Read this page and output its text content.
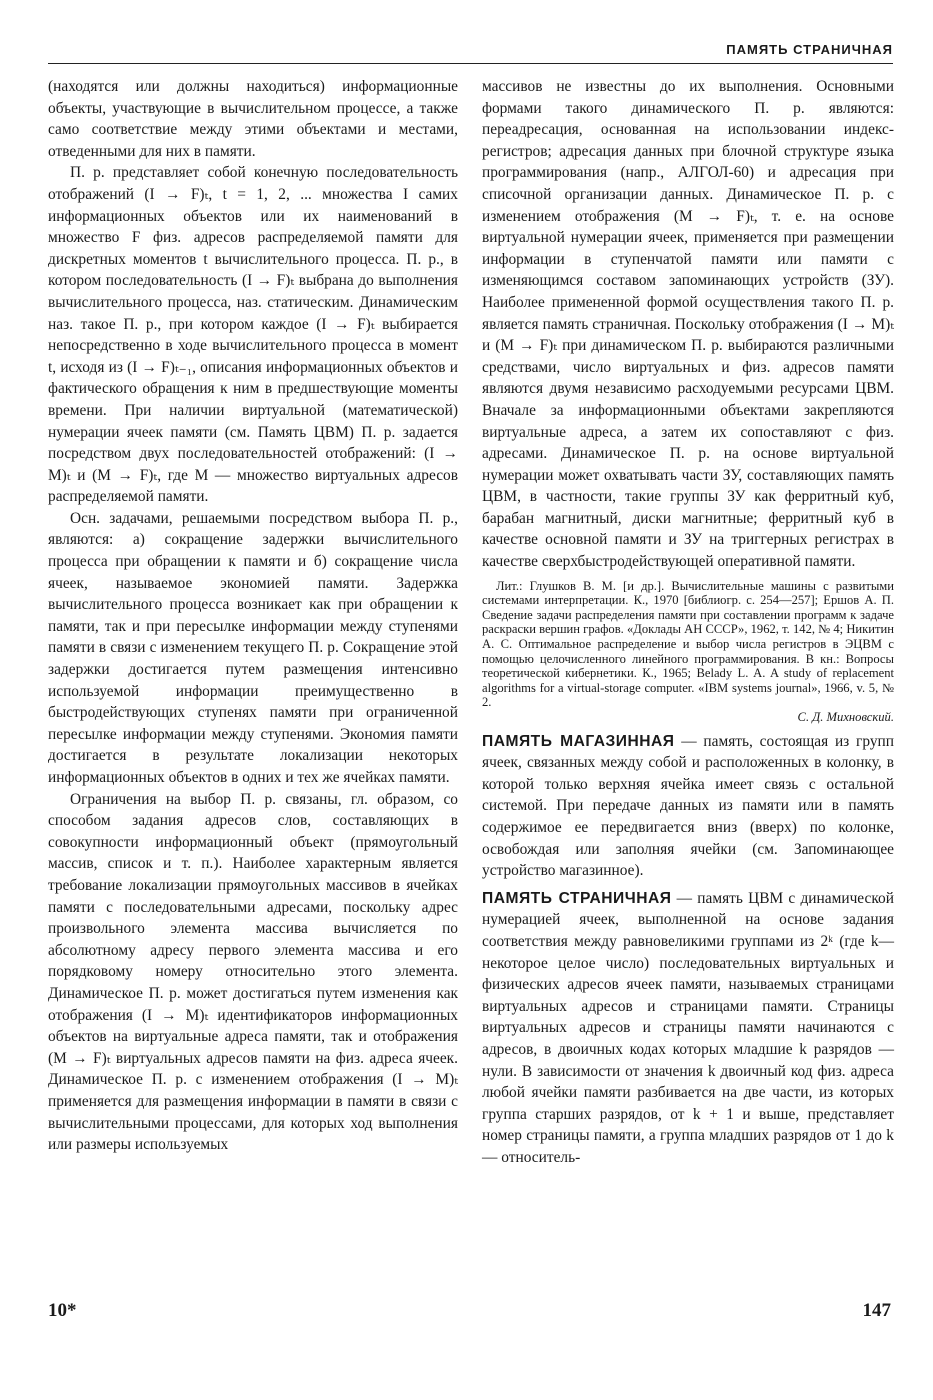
ПАМЯТЬ СТРАНИЧНАЯ

(находятся или должны находиться) информационные объекты, участвующие в вычислительном процессе, а также само соответствие между этими объектами и местами, отведенными для них в памяти.

П. р. представляет собой конечную последовательность отображений (I → F)ₜ, t = 1, 2, ... множества I самих информационных объектов или их наименований в множество F физ. адресов распределяемой памяти для дискретных моментов t вычислительного процесса. П. р., в котором последовательность (I → F)ₜ выбрана до выполнения вычислительного процесса, наз. статическим. Динамическим наз. такое П. р., при котором каждое (I → F)ₜ выбирается непосредственно в ходе вычислительного процесса в момент t, исходя из (I → F)ₜ₋₁, описания информационных объектов и фактического обращения к ним в предшествующие моменты времени. При наличии виртуальной (математической) нумерации ячеек памяти (см. Память ЦВМ) П. р. задается посредством двух последовательностей отображений: (I → M)ₜ и (M → F)ₜ, где M — множество виртуальных адресов распределяемой памяти.

Осн. задачами, решаемыми посредством выбора П. р., являются: а) сокращение задержки вычислительного процесса при обращении к памяти и б) сокращение числа ячеек, называемое экономией памяти. Задержка вычислительного процесса возникает как при обращении к памяти, так и при пересылке информации между ступенями памяти в связи с изменением текущего П. р. Сокращение этой задержки достигается путем размещения интенсивно используемой информации преимущественно в быстродействующих ступенях памяти при ограниченной пересылке информации между ступенями. Экономия памяти достигается в результате локализации некоторых информационных объектов в одних и тех же ячейках памяти.

Ограничения на выбор П. р. связаны, гл. образом, со способом задания адресов слов, составляющих в совокупности информационный объект (прямоугольный массив, список и т. п.). Наиболее характерным является требование локализации прямоугольных массивов в ячейках памяти с последовательными адресами, поскольку адрес произвольного элемента массива вычисляется по абсолютному адресу первого элемента массива и его порядковому номеру относительно этого элемента. Динамическое П. р. может достигаться путем изменения как отображения (I → M)ₜ идентификаторов информационных объектов на виртуальные адреса памяти, так и отображения (M → F)ₜ виртуальных адресов памяти на физ. адреса ячеек. Динамическое П. р. с изменением отображения (I → M)ₜ применяется для размещения информации в памяти в связи с вычислительными процессами, для которых ход выполнения или размеры используемых

массивов не известны до их выполнения. Основными формами такого динамического П. р. являются: переадресация, основанная на использовании индекс-регистров; адресация данных при блочной структуре языка программирования (напр., АЛГОЛ-60) и адресация при списочной организации данных. Динамическое П. р. с изменением отображения (M → F)ₜ, т. е. на основе виртуальной нумерации ячеек, применяется при размещении информации в ступенчатой памяти или памяти с изменяющимся составом запоминающих устройств (ЗУ). Наиболее примененной формой осуществления такого П. р. является память страничная. Поскольку отображения (I → M)ₜ и (M → F)ₜ при динамическом П. р. выбираются различными средствами, число виртуальных и физ. адресов памяти являются двумя независимо расходуемыми ресурсами ЦВМ. Вначале за информационными объектами закрепляются виртуальные адреса, а затем их сопоставляют с физ. адресами. Динамическое П. р. на основе виртуальной нумерации может охватывать части ЗУ, составляющих память ЦВМ, в частности, такие группы ЗУ как ферритный куб, барабан магнитный, диски магнитные; ферритный куб в качестве основной памяти и ЗУ на триггерных регистрах в качестве сверхбыстродействующей оперативной памяти.

Лит.: Глушков В. М. [и др.]. Вычислительные машины с развитыми системами интерпретации. К., 1970 [библиогр. с. 254—257]; Ершов А. П. Сведение задачи распределения памяти при составлении программ к задаче раскраски вершин графов. «Доклады АН СССР», 1962, т. 142, № 4; Никитин А. С. Оптимальное распределение и выбор числа регистров в ЭЦВМ с помощью целочисленного линейного программирования. В кн.: Вопросы теоретической кибернетики. К., 1965; Belady L. A. A study of replacement algorithms for a virtual-storage computer. «IBM systems journal», 1966, v. 5, № 2.
С. Д. Михновский.

ПАМЯТЬ МАГАЗИННАЯ — память, состоящая из групп ячеек, связанных между собой и расположенных в колонку, в которой только верхняя ячейка имеет связь с остальной системой. При передаче данных из памяти или в память содержимое ее передвигается вниз (вверх) по колонке, освобождая или заполняя ячейки (см. Запоминающее устройство магазинное).

ПАМЯТЬ СТРАНИЧНАЯ — память ЦВМ с динамической нумерацией ячеек, выполненной на основе задания соответствия между равновеликими группами из 2ᵏ (где k—некоторое целое число) последовательных виртуальных и физических адресов ячеек памяти, называемых страницами виртуальных адресов и страницами памяти. Страницы виртуальных адресов и страницы памяти начинаются с адресов, в двоичных кодах которых младшие k разрядов — нули. В зависимости от значения k двоичный код физ. адреса любой ячейки памяти разбивается на две части, из которых группа старших разрядов, от k + 1 и выше, представляет номер страницы памяти, а группа младших разрядов от 1 до k — относитель-

10*	147
